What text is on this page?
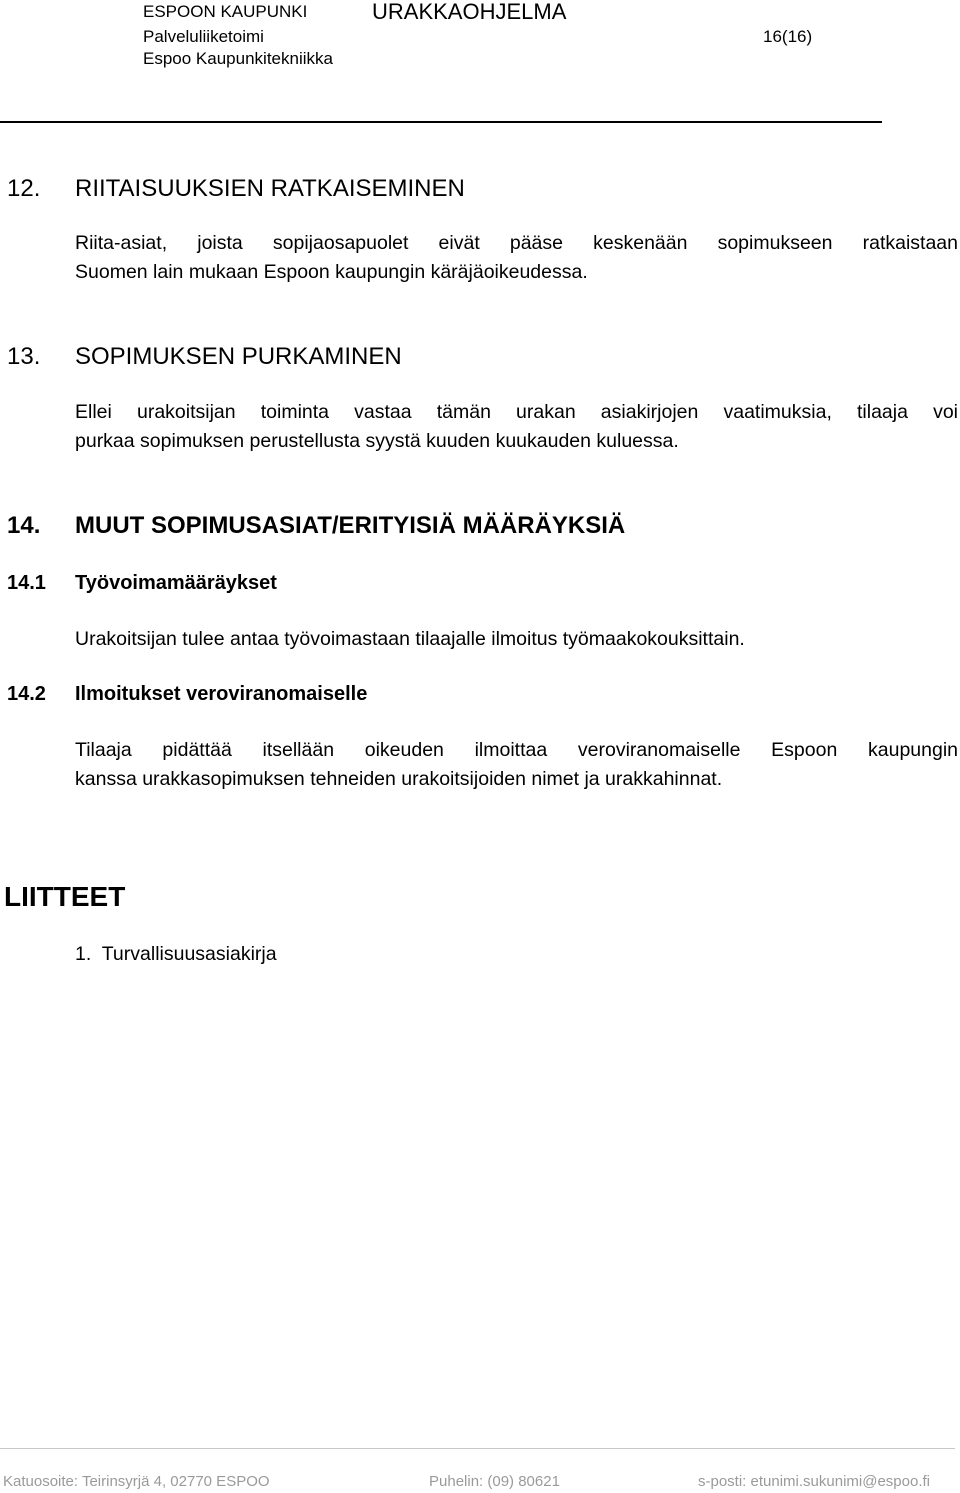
ESPOON KAUPUNKI	URAKKAOHJELMA
Palveluliiketoimi	16(16)
Espoo Kaupunkitekniikka
12. RIITAISUUKSIEN RATKAISEMINEN
Riita-asiat, joista sopijaosapuolet eivät pääse keskenään sopimukseen ratkaistaan
Suomen lain mukaan Espoon kaupungin käräjäoikeudessa.
13. SOPIMUKSEN PURKAMINEN
Ellei urakoitsijan toiminta vastaa tämän urakan asiakirjojen vaatimuksia, tilaaja voi
purkaa sopimuksen perustellusta syystä kuuden kuukauden kuluessa.
14. MUUT SOPIMUSASIAT/ERITYISIÄ MÄÄRÄYKSIÄ
14.1 Työvoimamääräykset
Urakoitsijan tulee antaa työvoimastaan tilaajalle ilmoitus työmaakokouksittain.
14.2 Ilmoitukset veroviranomaiselle
Tilaaja pidättää itsellään oikeuden ilmoittaa veroviranomaiselle Espoon kaupungin
kanssa urakkasopimuksen tehneiden urakoitsijoiden nimet ja urakkahinnat.
LIITTEET
1.  Turvallisuusasiakirja
Katuosoite: Teirinsyrjä 4, 02770 ESPOO	Puhelin: (09) 80621	s-posti: etunimi.sukunimi@espoo.fi
